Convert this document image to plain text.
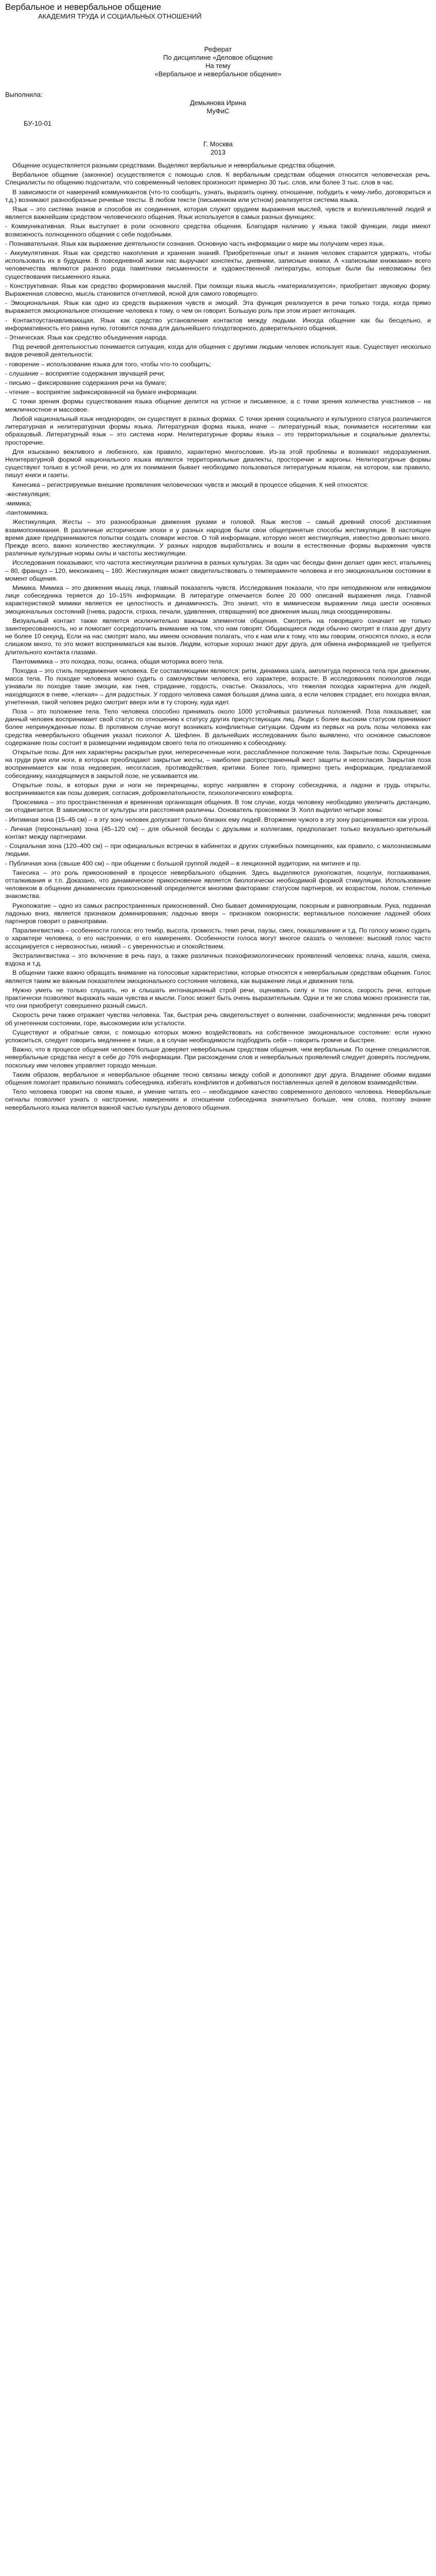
Вербальное и невербальное общение
АКАДЕМИЯ ТРУДА И СОЦИАЛЬНЫХ ОТНОШЕНИЙ

Реферат

По дисциплине «Деловое общение

На тему

«Вербальное и невербальное общение»

Выполнила:

Демьянова Ирина

МуФиС

БУ-10-01

Г. Москва

2013

Общение осуществляется разными средствами. Выделяют вербальные и невербальные средства общения.

Вербальное общение (законное) осуществляется с помощью слов. К вербальным средствам общения относится человеческая речь. Специалисты по общению подсчитали, что современный человек произносит примерно 30 тыс. слов, или более 3 тыс. слов в час.

В зависимости от намерений коммуникантов (что-то сообщить, узнать, выразить оценку, отношение, побудить к чему-либо, договориться и т.д.) возникают разнообразные речевые тексты. В любом тексте (письменном или устном) реализуется система языка.

Язык – это система знаков и способов их соединения, которая служит орудием выражения мыслей, чувств и волеизъявлений людей и является важнейшим средством человеческого общения. Язык используется в самых разных функциях:

- Коммуникативная. Язык выступает в роли основного средства общения. Благодаря наличию у языка такой функции, люди имеют возможность полноценного общения с себе подобными.

- Познавательная. Язык как выражение деятельности сознания. Основную часть информации о мире мы получаем через язык.

- Аккумулятивная. Язык как средство накопления и хранения знаний. Приобретенные опыт и знания человек старается удержать, чтобы использовать их в будущем. В повседневной жизни нас выручают конспекты, дневники, записные книжки. А «записными книжками» всего человечества являются разного рода памятники письменности и художественной литературы, которые были бы невозможны без существования письменного языка.

- Конструктивная. Язык как средство формирования мыслей. При помощи языка мысль «материализуется», приобретает звуковую форму. Выраженная словесно, мысль становится отчетливой, ясной для самого говорящего.

- Эмоциональная. Язык как одно из средств выражения чувств и эмоций. Эта функция реализуется в речи только тогда, когда прямо выражается эмоциональное отношение человека к тому, о чем он говорит. Большую роль при этом играет интонация.

- Контактоустанавливающая. Язык как средство установления контактов между людьми. Иногда общение как бы бесцельно, и информативность его равна нулю, готовится почва для дальнейшего плодотворного, доверительного общения.

- Этническая. Язык как средство объединения народа.

Под речевой деятельностью понимается ситуация, когда для общения с другими людьми человек использует язык. Существует несколько видов речевой деятельности:

- говорение – использование языка для того, чтобы что-то сообщить;

- слушание – восприятие содержания звучащей речи;

- письмо – фиксирование содержания речи на бумаге;

- чтение – восприятие зафиксированной на бумаге информации.

С точки зрения формы существования языка общение делится на устное и письменное, а с точки зрения количества участников – на межличностное и массовое.

Любой национальный язык неоднороден, он существует в разных формах. С точки зрения социального и культурного статуса различаются литературная и нелитературная формы языка. Литературная форма языка, иначе – литературный язык, понимается носителями как образцовый. Литературный язык – это система норм. Нелитературные формы языка – это территориальные и социальные диалекты, просторечие.

Для изысканно вежливого и любезного, как правило, характерно многословие. Из-за этой проблемы и возникают недоразумения. Нелитературной формой национального языка являются территориальные диалекты, просторечие и жаргоны. Нелитературные формы существуют только в устной речи, но для их понимания бывает необходимо пользоваться литературным языком, на котором, как правило, пишут книги и газеты.

Кинесика – регистрируемые внешние проявления человеческих чувств и эмоций в процессе общения. К ней относятся:

-жестикуляция;

-мимика;

-пантомимика.

Жестикуляция. Жесты – это разнообразные движения руками и головой. Язык жестов – самый древний способ достижения взаимопонимания. В различные исторические эпохи и у разных народов были свои общепринятые способы жестикуляции. В настоящее время даже предпринимаются попытки создать словари жестов. О той информации, которую несет жестикуляция, известно довольно много. Прежде всего, важно количество жестикуляции. У разных народов выработались и вошли в естественные формы выражения чувств различные культурные нормы силы и частоты жестикуляции.

Исследования показывают, что частота жестикуляции различна в разных культурах. За один час беседы финн делает один жест, итальянец – 80, француз – 120, мексиканец – 180. Жестикуляция может свидетельствовать о темпераменте человека и его эмоциональном состоянии в момент общения.

Мимика. Мимика – это движения мышц лица, главный показатель чувств. Исследования показали, что при неподвижном или невидимом лице собеседника теряется до 10–15% информации. В литературе отмечается более 20 000 описаний выражения лица. Главной характеристикой мимики является ее целостность и динамичность. Это значит, что в мимическом выражении лица шести основных эмоциональных состояний (гнева, радости, страха, печали, удивления, отвращения) все движения мышц лица скоординированы.

Визуальный контакт также является исключительно важным элементом общения. Смотреть на говорящего означает не только заинтересованность, но и помогает сосредоточить внимание на том, что нам говорят. Общающиеся люди обычно смотрят в глаза друг другу не более 10 секунд. Если на нас смотрят мало, мы имеем основания полагать, что к нам или к тому, что мы говорим, относятся плохо, а если слишком много, то это может восприниматься как вызов. Людям, которые хорошо знают друг друга, для обмена информацией не требуется длительного контакта глазами.

Пантомимика – это походка, позы, осанка, общая моторика всего тела.

Походка – это стиль передвижения человека. Ее составляющими являются: ритм, динамика шага, амплитуда переноса тела при движении, масса тела. По походке человека можно судить о самочувствии человека, его характере, возрасте. В исследованиях психологов люди узнавали по походке такие эмоции, как гнев, страдание, гордость, счастье. Оказалось, что тяжелая походка характерна для людей, находящихся в гневе, «легкая» – для радостных. У гордого человека самая большая длина шага, а если человек страдает, его походка вялая, угнетенная, такой человек редко смотрит вверх или в ту сторону, куда идет.

Поза – это положение тела. Тело человека способно принимать около 1000 устойчивых различных положений. Поза показывает, как данный человек воспринимает свой статус по отношению к статусу других присутствующих лиц. Люди с более высоким статусом принимают более непринужденные позы. В противном случае могут возникать конфликтные ситуации. Одним из первых на роль позы человека как средства невербального общения указал психолог А. Шефлен. В дальнейших исследованиях было выявлено, что основное смысловое содержание позы состоит в размещении индивидом своего тела по отношению к собеседнику.

Открытые позы. Для них характерны раскрытые руки, непересеченные ноги, расслабленное положение тела. Закрытые позы. Скрещенные на груди руки или ноги, в которых преобладают закрытые жесты, – наиболее распространенный жест защиты и несогласия. Закрытая поза воспринимается как поза недоверия, несогласия, противодействия, критики. Более того, примерно треть информации, предлагаемой собеседнику, находящемуся в закрытой позе, не усваивается им.

Открытые позы, в которых руки и ноги не перекрещены, корпус направлен в сторону собеседника, а ладони и грудь открыты, воспринимаются как позы доверия, согласия, доброжелательности, психологического комфорта.

Проксемика – это пространственная и временная организация общения. В том случае, когда человеку необходимо увеличить дистанцию, он отодвигается. В зависимости от культуры эти расстояния различны. Основатель проксемики Э. Холл выделил четыре зоны:

- Интимная зона (15–45 см) – в эту зону человек допускает только близких ему людей. Вторжение чужого в эту зону расценивается как угроза.

- Личная (персональная) зона (45–120 см) – для обычной беседы с друзьями и коллегами, предполагает только визуально-зрительный контакт между партнерами.

- Социальная зона (120–400 см) – при официальных встречах в кабинетах и других служебных помещениях, как правило, с малознакомыми людьми.

- Публичная зона (свыше 400 см) – при общении с большой группой людей – в лекционной аудитории, на митинге и пр.

Такесика – это роль прикосновений в процессе невербального общения. Здесь выделяются рукопожатия, поцелуи, поглаживания, отталкивания и т.п. Доказано, что динамическое прикосновение является биологически необходимой формой стимуляции. Использование человеком в общении динамических прикосновений определяется многими факторами: статусом партнеров, их возрастом, полом, степенью знакомства.

Рукопожатие – одно из самых распространенных прикосновений. Оно бывает доминирующим, покорным и равноправным. Рука, поданная ладонью вниз, является признаком доминирования; ладонью вверх – признаком покорности; вертикальное положение ладоней обоих партнеров говорит о равноправии.

Паралингвистика – особенности голоса: его тембр, высота, громкость, темп речи, паузы, смех, покашливание и т.д. По голосу можно судить о характере человека, о его настроении, о его намерениях. Особенности голоса могут многое сказать о человеке: высокий голос часто ассоциируется с нервозностью, низкий – с уверенностью и спокойствием.

Экстралингвистика – это включение в речь пауз, а также различных психофизиологических проявлений человека: плача, кашля, смеха, вздоха и т.д.

В общении также важно обращать внимание на голосовые характеристики, которые относятся к невербальным средствам общения. Голос является таким же важным показателем эмоционального состояния человека, как выражение лица и движения тела.

Нужно уметь не только слушать, но и слышать интонационный строй речи, оценивать силу и тон голоса, скорость речи, которые практически позволяют выражать наши чувства и мысли. Голос может быть очень выразительным. Одни и те же слова можно произнести так, что они приобретут совершенно разный смысл.

Скорость речи также отражает чувства человека. Так, быстрая речь свидетельствует о волнении, озабоченности; медленная речь говорит об угнетенном состоянии, горе, высокомерии или усталости.

Существуют и обратные связи, с помощью которых можно воздействовать на собственное эмоциональное состояние: если нужно успокоиться, следует говорить медленнее и тише, а в случае необходимости подбодрить себя – говорить громче и быстрее.

Важно, что в процессе общения человек больше доверяет невербальным средствам общения, чем вербальным. По оценке специалистов, невербальные средства несут в себе до 70% информации. При расхождении слов и невербальных проявлений следует доверять последним, поскольку ими человек управляет гораздо меньше.

Таким образом, вербальное и невербальное общение тесно связаны между собой и дополняют друг друга. Владение обоими видами общения помогает правильно понимать собеседника, избегать конфликтов и добиваться поставленных целей в деловом взаимодействии.

Тело человека говорит на своем языке, и умение читать его – необходимое качество современного делового человека. Невербальные сигналы позволяют узнать о настроении, намерениях и отношении собеседника значительно больше, чем слова, поэтому знание невербального языка является важной частью культуры делового общения.
